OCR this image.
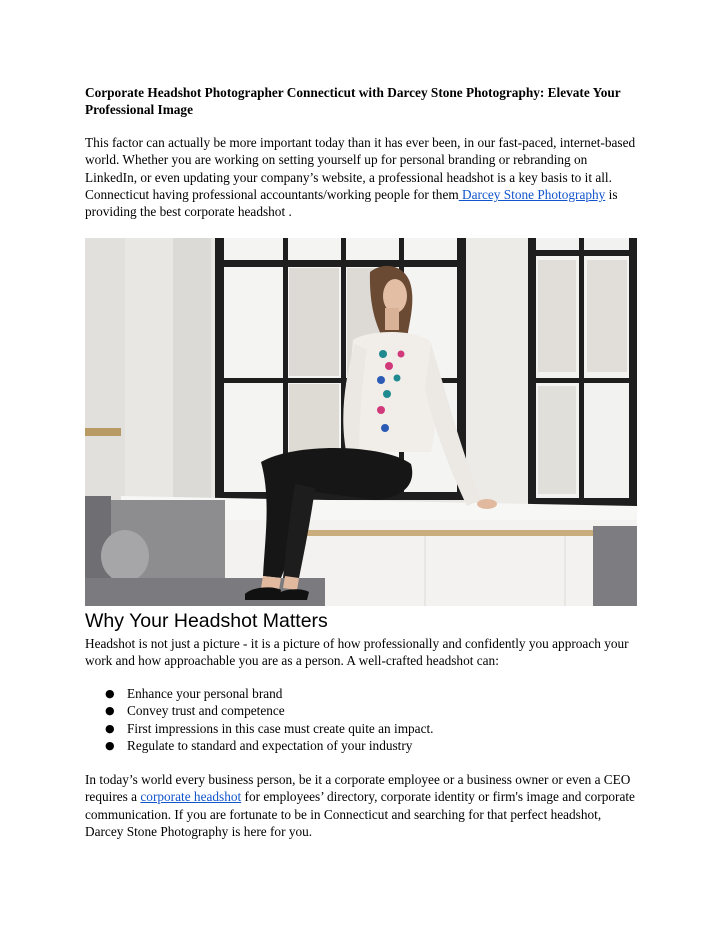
Corporate Headshot Photographer Connecticut with Darcey Stone Photography: Elevate Your Professional Image

This factor can actually be more important today than it has ever been, in our fast-paced, internet-based world. Whether you are working on setting yourself up for personal branding or rebranding on LinkedIn, or even updating your company’s website, a professional headshot is a key basis to it all. Connecticut having professional accountants/working people for them Darcey Stone Photography is providing the best corporate headshot .

Why Your Headshot Matters

Headshot is not just a picture - it is a picture of how professionally and confidently you approach your work and how approachable you are as a person. A well-crafted headshot can:

● Enhance your personal brand
● Convey trust and competence
● First impressions in this case must create quite an impact.
● Regulate to standard and expectation of your industry

In today’s world every business person, be it a corporate employee or a business owner or even a CEO requires a corporate headshot for employees’ directory, corporate identity or firm's image and corporate communication. If you are fortunate to be in Connecticut and searching for that perfect headshot, Darcey Stone Photography is here for you.
